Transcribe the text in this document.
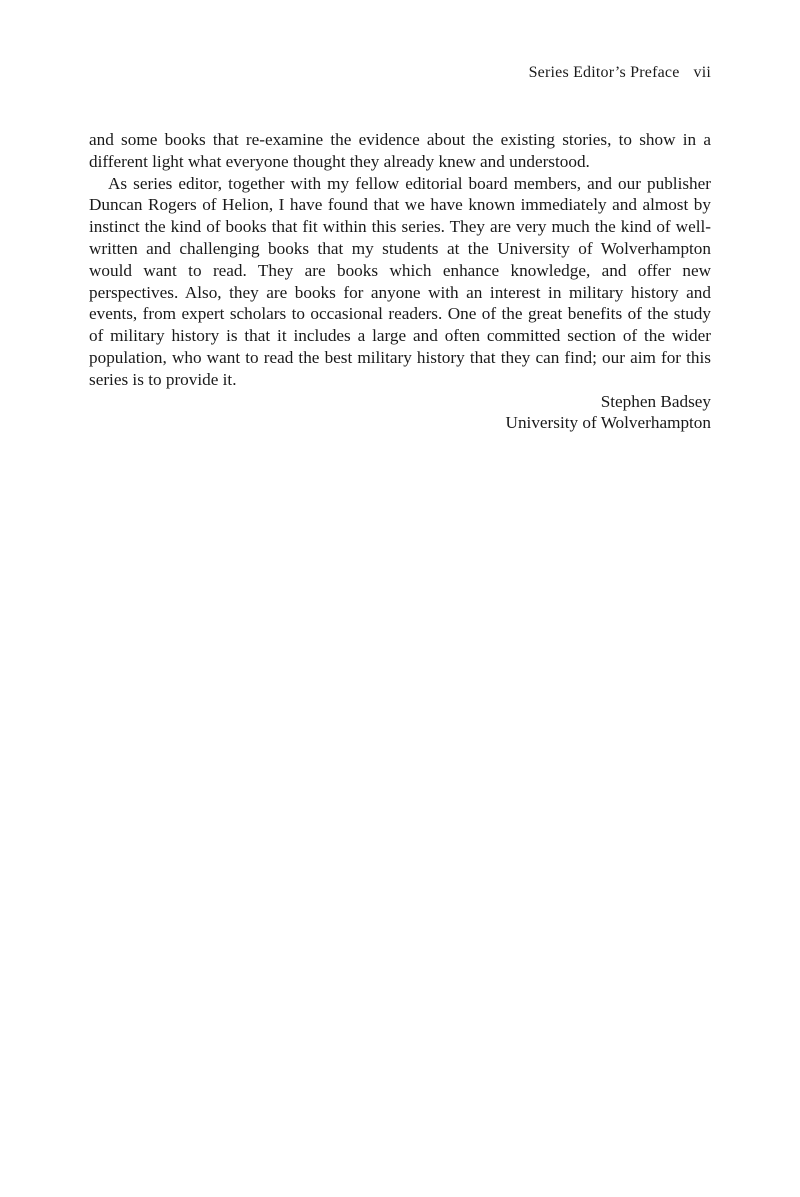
Series Editor’s Preface vii

and some books that re-examine the evidence about the existing stories, to show in a different light what everyone thought they already knew and understood.

As series editor, together with my fellow editorial board members, and our publisher Duncan Rogers of Helion, I have found that we have known immediately and almost by instinct the kind of books that fit within this series. They are very much the kind of well-written and challenging books that my students at the University of Wolverhampton would want to read. They are books which enhance knowledge, and offer new perspectives. Also, they are books for anyone with an interest in military history and events, from expert scholars to occasional readers. One of the great benefits of the study of military history is that it includes a large and often committed section of the wider population, who want to read the best military history that they can find; our aim for this series is to provide it.

Stephen Badsey
University of Wolverhampton
